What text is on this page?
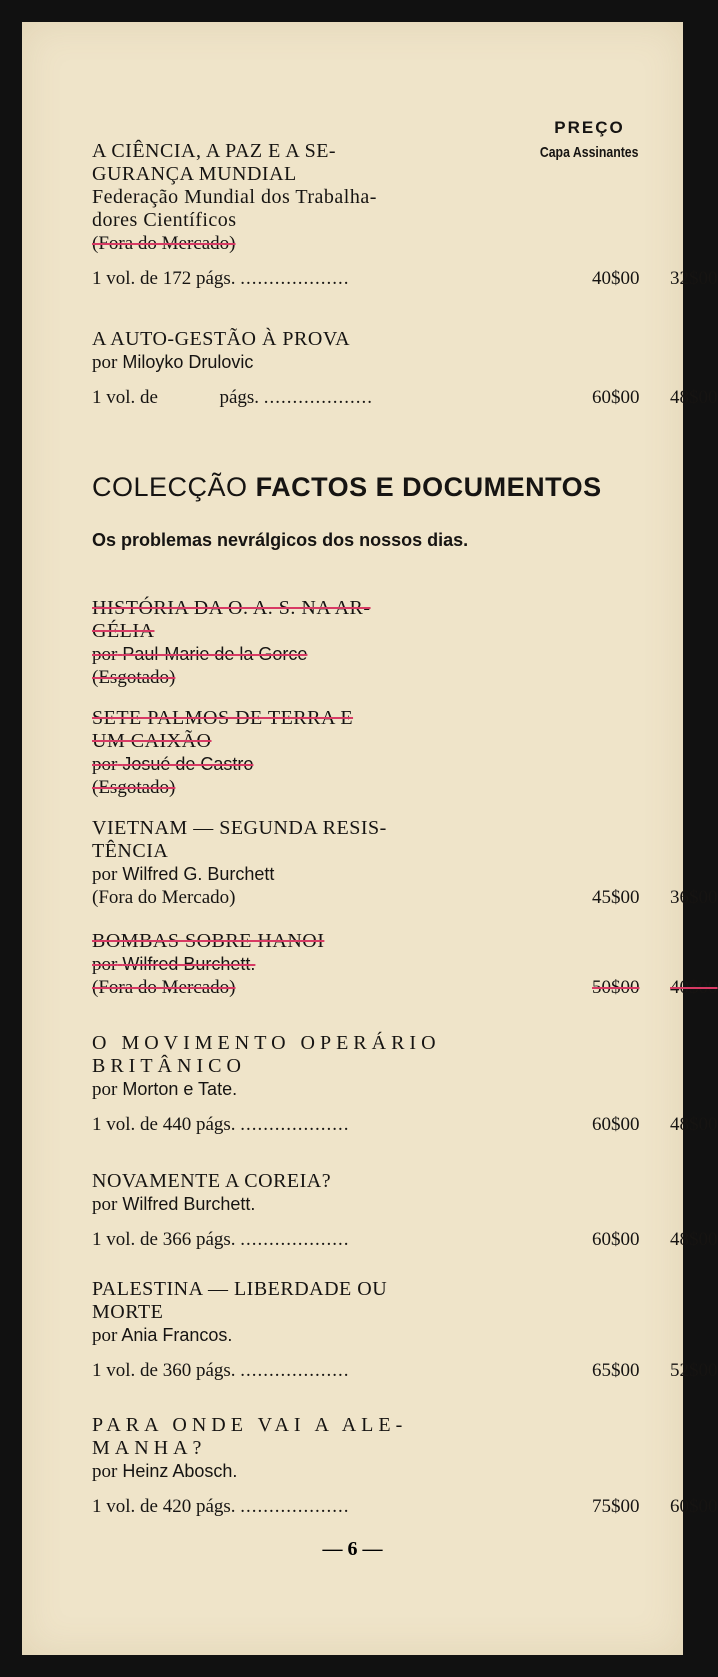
PREÇO
Capa Assinantes
A CIÊNCIA, A PAZ E A SE-
GURANÇA MUNDIAL
Federação Mundial dos Trabalha-
dores Científicos
(Fora do Mercado)
1 vol. de 172 págs. ...................	40$00 32$00
A AUTO-GESTÃO À PROVA
por Miloyko Drulovic
1 vol. de	págs. ...................	60$00 48$00
COLECÇÃO FACTOS E DOCUMENTOS
Os problemas nevrálgicos dos nossos dias.
HISTÓRIA DA O. A. S. NA AR-
GÉLIA
por Paul-Marie de la Gorce
(Esgotado)
SETE PALMOS DE TERRA E
UM CAIXÃO
por Josué de Castro
(Esgotado)
VIETNAM — SEGUNDA RESIS-
TÊNCIA
por Wilfred G. Burchett
(Fora do Mercado)	45$00 36$00
BOMBAS SOBRE HANOI
por Wilfred Burchett.
(Fora do Mercado)	50$00 40$00
O MOVIMENTO OPERÁRIO
BRITÂNICO
por Morton e Tate.
1 vol. de 440 págs. ...................	60$00 48$00
NOVAMENTE A COREIA?
por Wilfred Burchett.
1 vol. de 366 págs. ...................	60$00 48$00
PALESTINA — LIBERDADE OU
MORTE
por Ania Francos.
1 vol. de 360 págs. ...................	65$00 52$00
PARA ONDE VAI A ALE-
MANHA?
por Heinz Abosch.
1 vol. de 420 págs. ...................	75$00 60$00
— 6 —
